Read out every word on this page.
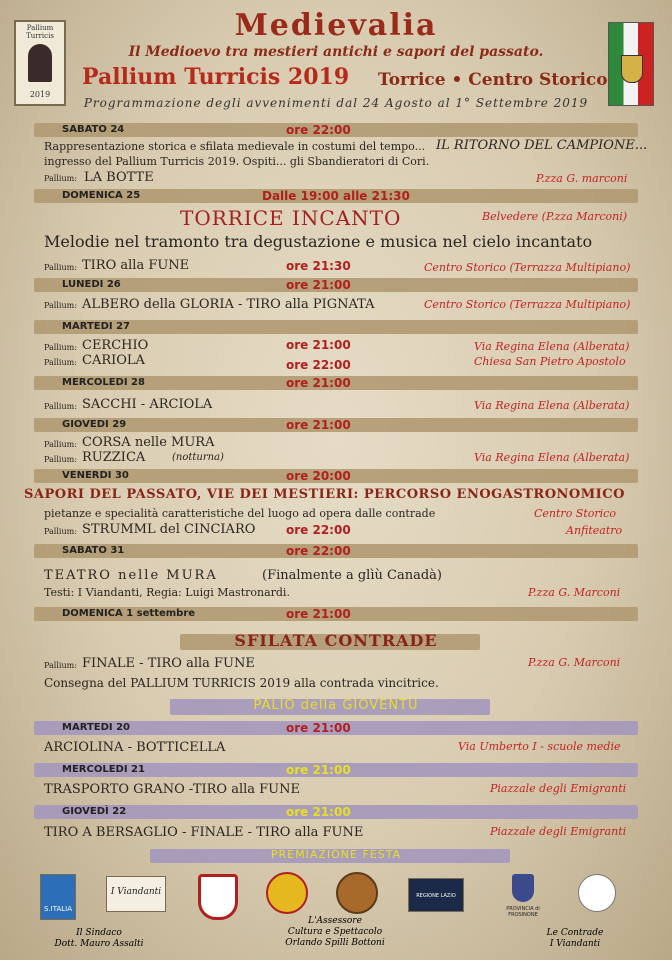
Pallium Turricis
2019
Medievalia
Il Medioevo tra mestieri antichi e sapori del passato.
Pallium Turricis 2019 Torrice • Centro Storico
Programmazione degli avvenimenti dal 24 Agosto al 1° Settembre 2019
SABATO 24	ore 22:00
Rappresentazione storica e sfilata medievale in costumi del tempo... IL RITORNO DEL CAMPIONE...
ingresso del Pallium Turricis 2019. Ospiti... gli Sbandieratori di Cori.
Pallium: LA BOTTE	P.zza G. marconi
DOMENICA 25	Dalle 19:00 alle 21:30
TORRICE INCANTO	Belvedere (P.zza Marconi)
Melodie nel tramonto tra degustazione e musica nel cielo incantato
Pallium: TIRO alla FUNE	ore 21:30	Centro Storico (Terrazza Multipiano)
LUNEDI 26	ore 21:00
Pallium: ALBERO della GLORIA - TIRO alla PIGNATA	Centro Storico (Terrazza Multipiano)
MARTEDI 27
Pallium: CERCHIO	ore 21:00	Via Regina Elena (Alberata)
Pallium: CARIOLA	ore 22:00	Chiesa San Pietro Apostolo
MERCOLEDI 28	ore 21:00
Pallium: SACCHI - ARCIOLA	Via Regina Elena (Alberata)
GIOVEDI 29	ore 21:00
Pallium: CORSA nelle MURA
Pallium: RUZZICA	(notturna)	Via Regina Elena (Alberata)
VENERDI 30	ore 20:00
SAPORI DEL PASSATO, VIE DEI MESTIERI: PERCORSO ENOGASTRONOMICO
pietanze e specialità caratteristiche del luogo ad opera dalle contrade	Centro Storico
Pallium: STRUMML del CINCIARO	ore 22:00	Anfiteatro
SABATO 31	ore 22:00
TEATRO nelle MURA	(Finalmente a glìù Canadà)
Testi: I Viandanti, Regia: Luigi Mastronardi.	P.zza G. Marconi
DOMENICA 1 settembre	ore 21:00
SFILATA CONTRADE
Pallium: FINALE - TIRO alla FUNE	P.zza G. Marconi
Consegna del PALLIUM TURRICIS 2019 alla contrada vincitrice.
PALIO della GIOVENTÙ
MARTEDI 20	ore 21:00
ARCIOLINA - BOTTICELLA	Via Umberto I - scuole medie
MERCOLEDI 21	ore 21:00
TRASPORTO GRANO -TIRO alla FUNE	Piazzale degli Emigranti
GIOVEDÌ 22	ore 21:00
TIRO A BERSAGLIO - FINALE - TIRO alla FUNE	Piazzale degli Emigranti
PREMIAZIONE FESTA
S.ITALIA
I Viandanti	REGIONE LAZIO
PROVINCIA di FROSINONE
Il Sindaco
Dott. Mauro Assalti
L'Assessore
Cultura e Spettacolo
Orlando Spilli Bottoni
Le Contrade
I Viandanti
